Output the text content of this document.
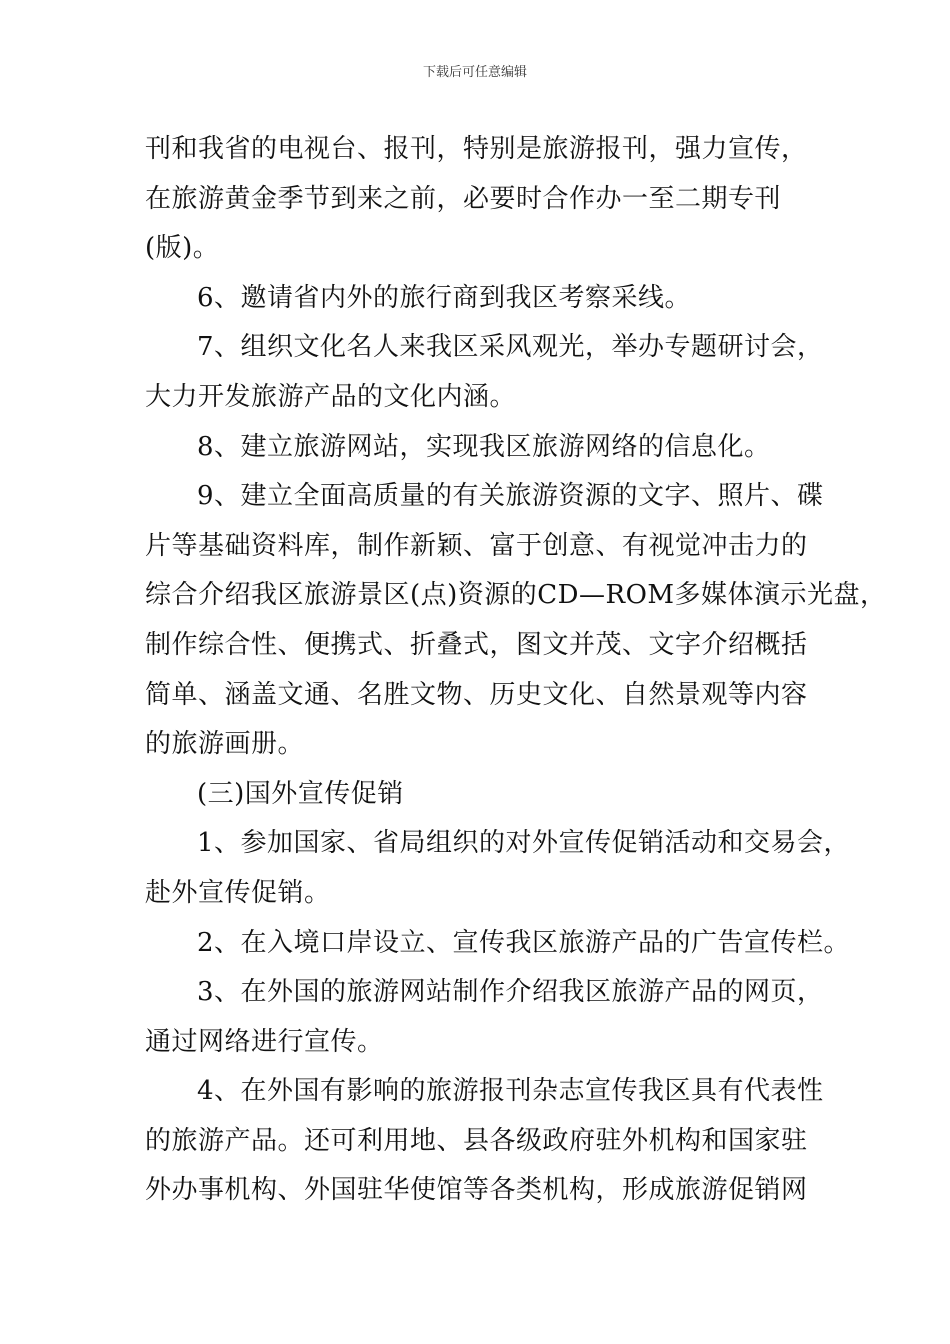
下载后可任意编辑
刊和我省的电视台、报刊，特别是旅游报刊，强力宣传，
在旅游黄金季节到来之前，必要时合作办一至二期专刊
(版)。
6、邀请省内外的旅行商到我区考察采线。
7、组织文化名人来我区采风观光，举办专题研讨会，
大力开发旅游产品的文化内涵。
8、建立旅游网站，实现我区旅游网络的信息化。
9、建立全面高质量的有关旅游资源的文字、照片、碟
片等基础资料库，制作新颖、富于创意、有视觉冲击力的
综合介绍我区旅游景区(点)资源的CD—ROM多媒体演示光盘，
制作综合性、便携式、折叠式，图文并茂、文字介绍概括
简单、涵盖文通、名胜文物、历史文化、自然景观等内容
的旅游画册。
(三)国外宣传促销
1、参加国家、省局组织的对外宣传促销活动和交易会，
赴外宣传促销。
2、在入境口岸设立、宣传我区旅游产品的广告宣传栏。
3、在外国的旅游网站制作介绍我区旅游产品的网页，
通过网络进行宣传。
4、在外国有影响的旅游报刊杂志宣传我区具有代表性
的旅游产品。还可利用地、县各级政府驻外机构和国家驻
外办事机构、外国驻华使馆等各类机构，形成旅游促销网
